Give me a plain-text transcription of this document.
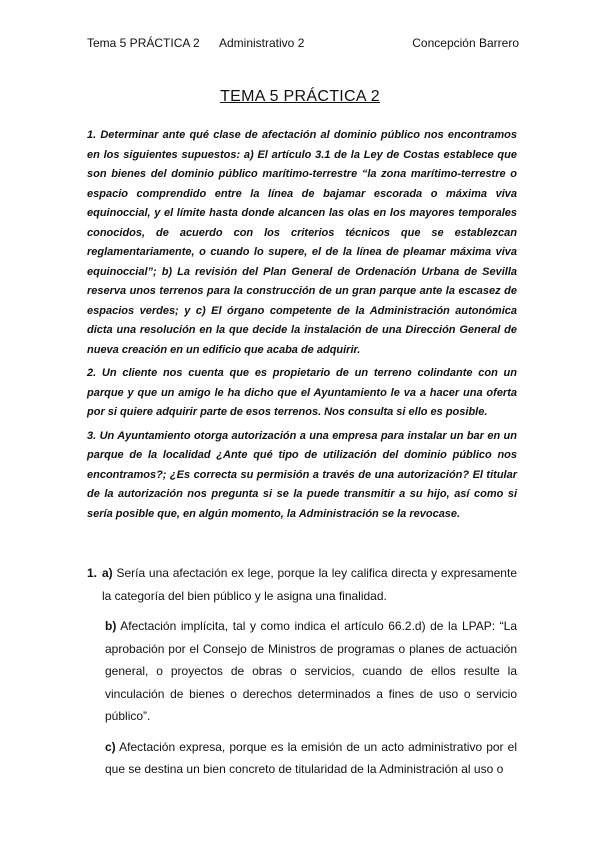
Tema 5 PRÁCTICA 2 Administrativo 2	Concepción Barrero
TEMA 5 PRÁCTICA 2

1. Determinar ante qué clase de afectación al dominio público nos encontramos en los siguientes supuestos: a) El artículo 3.1 de la Ley de Costas establece que son bienes del dominio público marítimo-terrestre “la zona marítimo-terrestre o espacio comprendido entre la línea de bajamar escorada o máxima viva equinoccial, y el límite hasta donde alcancen las olas en los mayores temporales conocidos, de acuerdo con los criterios técnicos que se establezcan reglamentariamente, o cuando lo supere, el de la línea de pleamar máxima viva equinoccial”; b) La revisión del Plan General de Ordenación Urbana de Sevilla reserva unos terrenos para la construcción de un gran parque ante la escasez de espacios verdes; y c) El órgano competente de la Administración autonómica dicta una resolución en la que decide la instalación de una Dirección General de nueva creación en un edificio que acaba de adquirir.

2. Un cliente nos cuenta que es propietario de un terreno colindante con un parque y que un amigo le ha dicho que el Ayuntamiento le va a hacer una oferta por si quiere adquirir parte de esos terrenos. Nos consulta si ello es posible.

3. Un Ayuntamiento otorga autorización a una empresa para instalar un bar en un parque de la localidad ¿Ante qué tipo de utilización del dominio público nos encontramos?; ¿Es correcta su permisión a través de una autorización? El titular de la autorización nos pregunta si se la puede transmitir a su hijo, así como si sería posible que, en algún momento, la Administración se la revocase.

1. a) Sería una afectación ex lege, porque la ley califica directa y expresamente la categoría del bien público y le asigna una finalidad.

b) Afectación implícita, tal y como indica el artículo 66.2.d) de la LPAP: “La aprobación por el Consejo de Ministros de programas o planes de actuación general, o proyectos de obras o servicios, cuando de ellos resulte la vinculación de bienes o derechos determinados a fines de uso o servicio público”.

c) Afectación expresa, porque es la emisión de un acto administrativo por el que se destina un bien concreto de titularidad de la Administración al uso o
